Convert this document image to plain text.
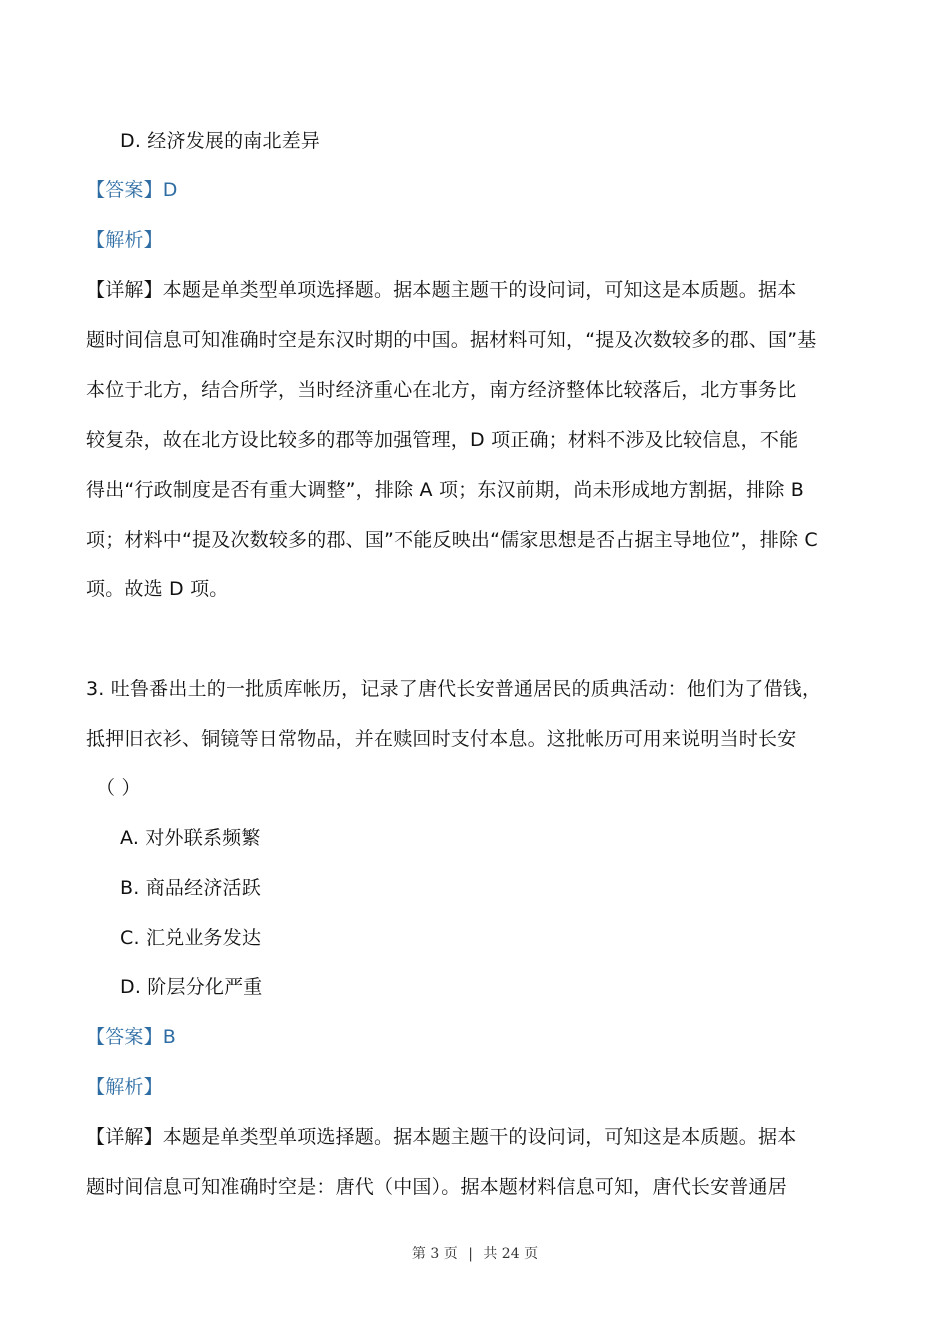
D. 经济发展的南北差异
【答案】D
【解析】
【详解】本题是单类型单项选择题。据本题主题干的设问词，可知这是本质题。据本
题时间信息可知准确时空是东汉时期的中国。据材料可知，“提及次数较多的郡、国”基
本位于北方，结合所学，当时经济重心在北方，南方经济整体比较落后，北方事务比
较复杂，故在北方设比较多的郡等加强管理，D 项正确；材料不涉及比较信息，不能
得出“行政制度是否有重大调整”，排除 A 项；东汉前期，尚未形成地方割据，排除 B
项；材料中“提及次数较多的郡、国”不能反映出“儒家思想是否占据主导地位”，排除 C
项。故选 D 项。
3. 吐鲁番出土的一批质库帐历，记录了唐代长安普通居民的质典活动：他们为了借钱，
抵押旧衣衫、铜镜等日常物品，并在赎回时支付本息。这批帐历可用来说明当时长安
（ ）
A. 对外联系频繁
B. 商品经济活跃
C. 汇兑业务发达
D. 阶层分化严重
【答案】B
【解析】
【详解】本题是单类型单项选择题。据本题主题干的设问词，可知这是本质题。据本
题时间信息可知准确时空是：唐代（中国）。据本题材料信息可知，唐代长安普通居
第 3 页 | 共 24 页
